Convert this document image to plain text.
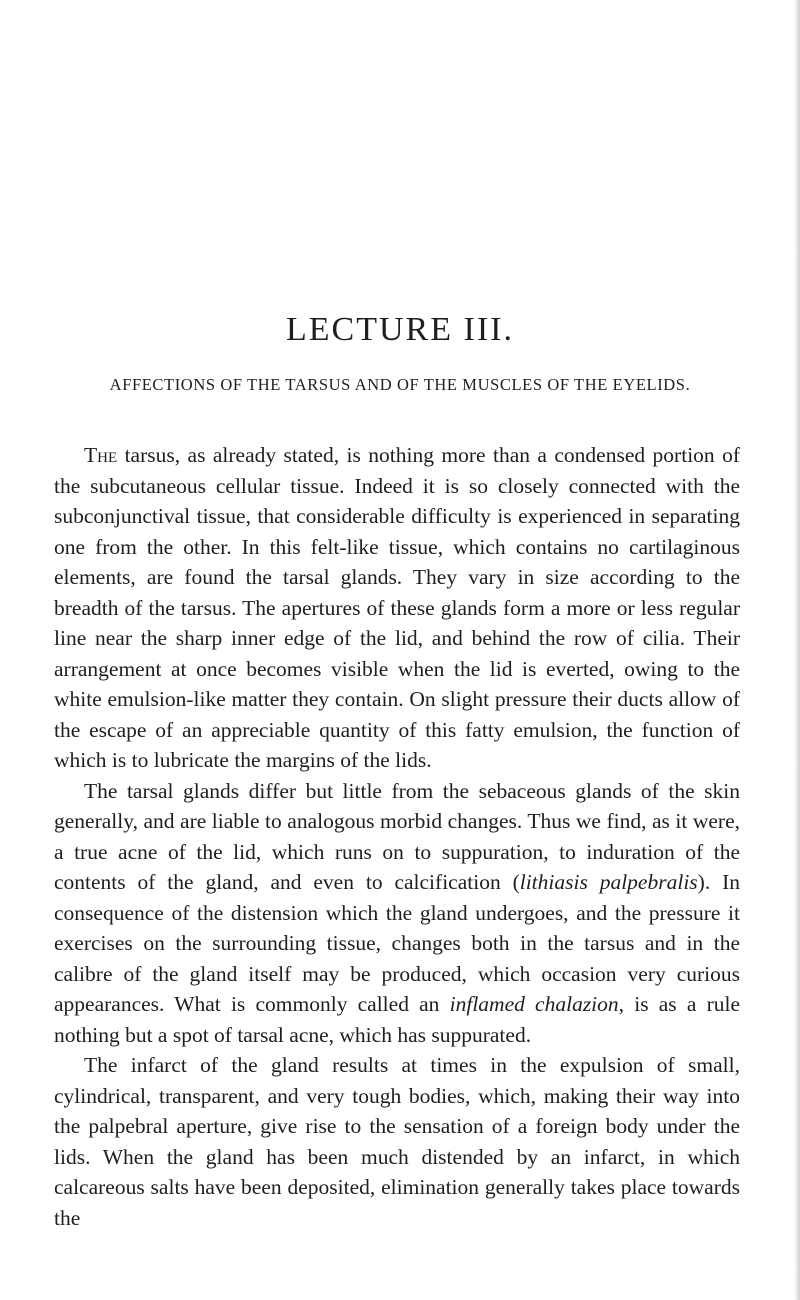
LECTURE III.

AFFECTIONS OF THE TARSUS AND OF THE MUSCLES OF THE EYELIDS.

The tarsus, as already stated, is nothing more than a condensed portion of the subcutaneous cellular tissue. Indeed it is so closely connected with the subconjunctival tissue, that considerable difficulty is experienced in separating one from the other. In this felt-like tissue, which contains no cartilaginous elements, are found the tarsal glands. They vary in size according to the breadth of the tarsus. The apertures of these glands form a more or less regular line near the sharp inner edge of the lid, and behind the row of cilia. Their arrangement at once becomes visible when the lid is everted, owing to the white emulsion-like matter they contain. On slight pressure their ducts allow of the escape of an appreciable quantity of this fatty emulsion, the function of which is to lubricate the margins of the lids.

The tarsal glands differ but little from the sebaceous glands of the skin generally, and are liable to analogous morbid changes. Thus we find, as it were, a true acne of the lid, which runs on to suppuration, to induration of the contents of the gland, and even to calcification (lithiasis palpebralis). In consequence of the distension which the gland undergoes, and the pressure it exercises on the surrounding tissue, changes both in the tarsus and in the calibre of the gland itself may be produced, which occasion very curious appearances. What is commonly called an inflamed chalazion, is as a rule nothing but a spot of tarsal acne, which has suppurated.

The infarct of the gland results at times in the expulsion of small, cylindrical, transparent, and very tough bodies, which, making their way into the palpebral aperture, give rise to the sensation of a foreign body under the lids. When the gland has been much distended by an infarct, in which calcareous salts have been deposited, elimination generally takes place towards the
